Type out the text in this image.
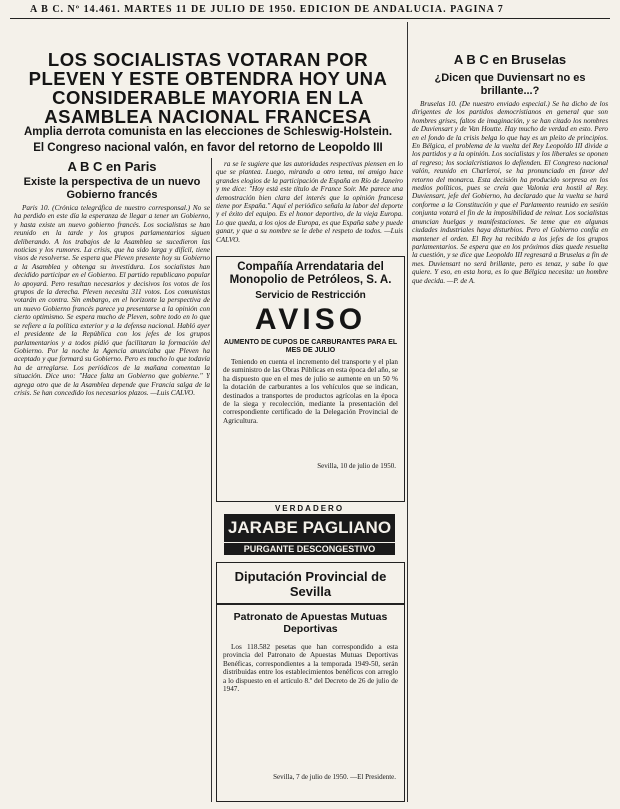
A B C. Nº 14.461. MARTES 11 DE JULIO DE 1950. EDICION DE ANDALUCIA. PAGINA 7
LOS SOCIALISTAS VOTARAN POR PLEVEN Y ESTE OBTENDRA HOY UNA CONSIDERABLE MAYORIA EN LA ASAMBLEA NACIONAL FRANCESA
Amplia derrota comunista en las elecciones de Schleswig-Holstein.
El Congreso nacional valón, en favor del retorno de Leopoldo III
A B C en Paris
Existe la perspectiva de un nuevo Gobierno francés

Paris 10. (Crónica telegráfica de nuestro corresponsal.) No se ha perdido en este día la esperanza de llegar a tener un Gobierno, y hasta existe un nuevo gobierno francés. Los socialistas se han reunido en la tarde y los grupos parlamentarios siguen deliberando. A los trabajos de la Asamblea se sucedieron las noticias y los rumores. La crisis, que ha sido larga y difícil, tiene visos de resolverse. Se espera que Pleven presente hoy su Gobierno a la Asamblea y obtenga su investidura. Los socialistas han decidido participar en el Gobierno. El partido republicano popular lo apoyará. Pero resultan necesarios y decisivos los votos de los grupos de la derecha. Pleven necesita 311 votos. Los comunistas votarán en contra. Sin embargo, en el horizonte la perspectiva de un nuevo Gobierno francés parece ya presentarse a la opinión con cierto optimismo. Se espera mucho de Pleven, sobre todo en lo que se refiere a la política exterior y a la defensa nacional. Habló ayer el presidente de la República con los jefes de los grupos parlamentarios y a todos pidió que facilitaran la formación del Gobierno. Por la noche la Agencia anunciaba que Pleven ha aceptado y que formará su Gobierno. Pero es mucho lo que todavía ha de arreglarse. Los periódicos de la mañana comentan la situación. Dice uno: "Hace falta un Gobierno que gobierne." Y agrega otro que de la Asamblea depende que Francia salga de la crisis. Se han concedido los necesarios plazos. —Luis CALVO.

ra se le sugiere que las autoridades respectivas piensen en lo que se plantea. Luego, mirando a otro tema, mi amigo hace grandes elogios de la participación de España en Río de Janeiro y me dice: "Hoy está este título de France Soir. Me parece una demostración bien clara del interés que la opinión francesa tiene por España." Aquí el periódico señala la labor del deporte y el éxito del equipo. Es el honor deportivo, de la vieja Europa. Lo que queda, a los ojos de Europa, es que España sabe y puede ganar, y que a su nombre se le debe el respeto de todos. —Luis CALVO.

Compañía Arrendataria del Monopolio de Petróleos, S. A.
Servicio de Restricción
AVISO
AUMENTO DE CUPOS DE CARBURANTES PARA EL MES DE JULIO

Teniendo en cuenta el incremento del transporte y el plan de suministro de las Obras Públicas en esta época del año, se ha dispuesto que en el mes de julio se aumente en un 50 % la dotación de carburantes a los vehículos que se indican, destinados a transportes de productos agrícolas en la época de la siega y recolección, mediante la presentación del correspondiente certificado de la Delegación Provincial de Agricultura.

Sevilla, 10 de julio de 1950.
VERDADERO
JARABE PAGLIANO
PURGANTE DESCONGESTIVO
Diputación Provincial de Sevilla
Patronato de Apuestas Mutuas Deportivas

Los 118.582 pesetas que han correspondido a esta provincia del Patronato de Apuestas Mutuas Deportivas Benéficas, correspondientes a la temporada 1949-50, serán distribuidas entre los establecimientos benéficos con arreglo a lo dispuesto en el artículo 8.º del Decreto de 26 de julio de 1947.

Sevilla, 7 de julio de 1950. —El Presidente.
A B C en Bruselas
¿Dicen que Duviensart no es brillante...?

Bruselas 10. (De nuestro enviado especial.) Se ha dicho de los dirigentes de los partidos democristianos en general que son hombres grises, faltos de imaginación, y se han citado los nombres de Duviensart y de Van Houtte. Hay mucho de verdad en esto. Pero en el fondo de la crisis belga lo que hay es un pleito de principios. En Bélgica, el problema de la vuelta del Rey Leopoldo III divide a los partidos y a la opinión. Los socialistas y los liberales se oponen al regreso; los socialcristianos lo defienden. El Congreso nacional valón, reunido en Charleroi, se ha pronunciado en favor del retorno del monarca. Esta decisión ha producido sorpresa en los medios políticos, pues se creía que Valonia era hostil al Rey. Duviensart, jefe del Gobierno, ha declarado que la vuelta se hará conforme a la Constitución y que el Parlamento reunido en sesión conjunta votará el fin de la imposibilidad de reinar. Los socialistas anuncian huelgas y manifestaciones. Se teme que en algunas ciudades industriales haya disturbios. Pero el Gobierno confía en mantener el orden. El Rey ha recibido a los jefes de los grupos parlamentarios. Se espera que en los próximos días quede resuelta la cuestión, y se dice que Leopoldo III regresará a Bruselas a fin de mes. Duviensart no será brillante, pero es tenaz, y sabe lo que quiere. Y eso, en esta hora, es lo que Bélgica necesita: un hombre que decida. —P. de A.
